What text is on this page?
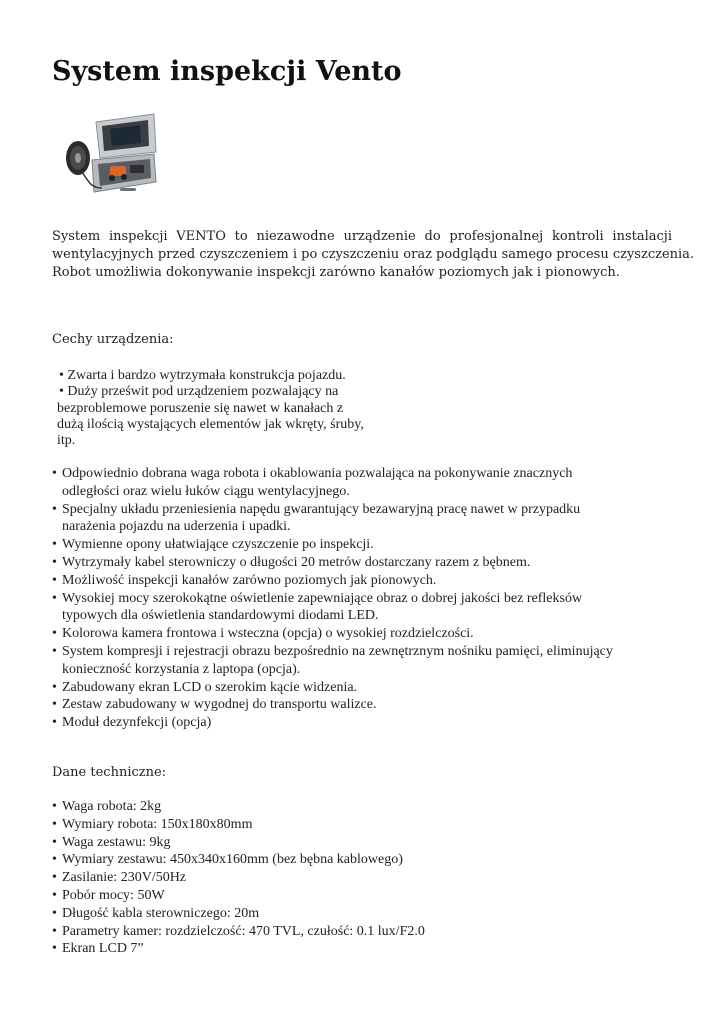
System inspekcji Vento
System inspekcji VENTO to niezawodne urządzenie do profesjonalnej kontroli instalacji
wentylacyjnych przed czyszczeniem i po czyszczeniu oraz podglądu samego procesu czyszczenia.
Robot umożliwia dokonywanie inspekcji zarówno kanałów poziomych jak i pionowych.

Cechy urządzenia:

• Zwarta i bardzo wytrzymała konstrukcja pojazdu.
• Duży prześwit pod urządzeniem pozwalający na
bezproblemowe poruszenie się nawet w kanałach z
dużą ilością wystających elementów jak wkręty, śruby,
itp.
• Odpowiednio dobrana waga robota i okablowania pozwalająca na pokonywanie znacznych
odległości oraz wielu łuków ciągu wentylacyjnego.
• Specjalny układu przeniesienia napędu gwarantujący bezawaryjną pracę nawet w przypadku
narażenia pojazdu na uderzenia i upadki.
• Wymienne opony ułatwiające czyszczenie po inspekcji.
• Wytrzymały kabel sterowniczy o długości 20 metrów dostarczany razem z bębnem.
• Możliwość inspekcji kanałów zarówno poziomych jak pionowych.
• Wysokiej mocy szerokokątne oświetlenie zapewniające obraz o dobrej jakości bez refleksów
typowych dla oświetlenia standardowymi diodami LED.
• Kolorowa kamera frontowa i wsteczna (opcja) o wysokiej rozdzielczości.
• System kompresji i rejestracji obrazu bezpośrednio na zewnętrznym nośniku pamięci, eliminujący
konieczność korzystania z laptopa (opcja).
• Zabudowany ekran LCD o szerokim kącie widzenia.
• Zestaw zabudowany w wygodnej do transportu walizce.
• Moduł dezynfekcji (opcja)

Dane techniczne:

• Waga robota: 2kg
• Wymiary robota: 150x180x80mm
• Waga zestawu: 9kg
• Wymiary zestawu: 450x340x160mm (bez bębna kablowego)
• Zasilanie: 230V/50Hz
• Pobór mocy: 50W
• Długość kabla sterowniczego: 20m
• Parametry kamer: rozdzielczość: 470 TVL, czułość: 0.1 lux/F2.0
• Ekran LCD 7”
